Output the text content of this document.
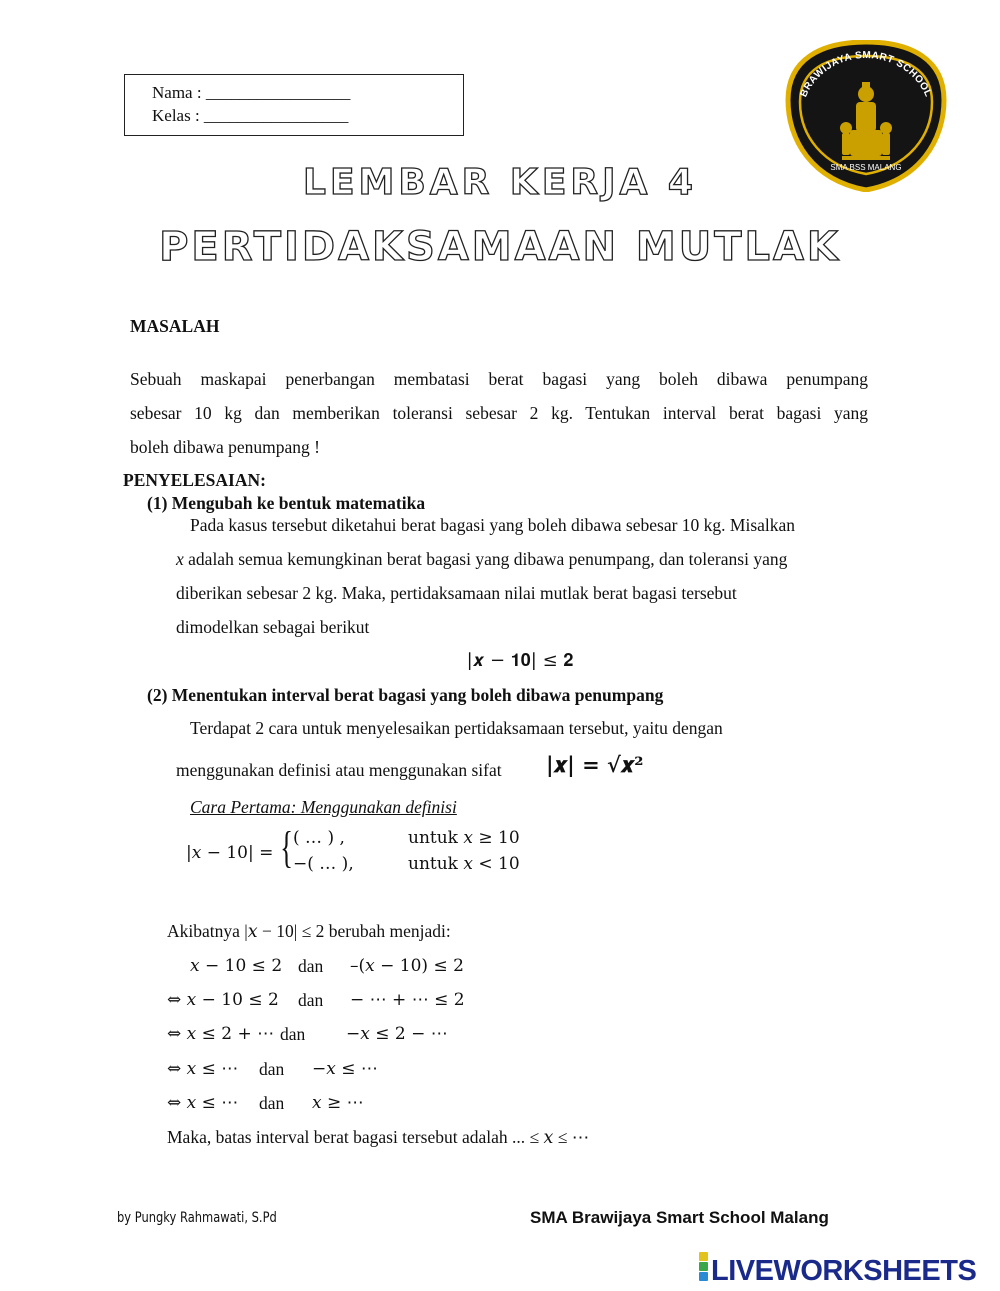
Nama : _________________
Kelas : _________________
BRAWIJAYA SMART SCHOOL
SMA BSS MALANG
LEMBAR KERJA 4
PERTIDAKSAMAAN MUTLAK
MASALAH
Sebuah maskapai penerbangan membatasi berat bagasi yang boleh dibawa penumpang
sebesar 10 kg dan memberikan toleransi sebesar 2 kg. Tentukan interval berat bagasi yang
boleh dibawa penumpang !
PENYELESAIAN:
(1) Mengubah ke bentuk matematika
Pada kasus tersebut diketahui berat bagasi yang boleh dibawa sebesar 10 kg. Misalkan
x adalah semua kemungkinan berat bagasi yang dibawa penumpang, dan toleransi yang
diberikan sebesar 2 kg. Maka, pertidaksamaan nilai mutlak berat bagasi tersebut
dimodelkan sebagai berikut
|𝒙 − 𝟏𝟎| ≤ 𝟐
(2) Menentukan interval berat bagasi yang boleh dibawa penumpang
Terdapat 2 cara untuk menyelesaikan pertidaksamaan tersebut, yaitu dengan
menggunakan definisi atau menggunakan sifat |𝒙| = √𝒙²
Cara Pertama: Menggunakan definisi
|𝑥 − 10| = { ( … ) ,	untuk 𝑥 ≥ 10
−( … ),	untuk 𝑥 < 10
Akibatnya |𝑥 − 10| ≤ 2 berubah menjadi:
𝑥 − 10 ≤ 2 dan –(𝑥 − 10) ≤ 2
⇔ 𝑥 − 10 ≤ 2 dan − ⋯ + ⋯ ≤ 2
⇔ 𝑥 ≤ 2 + ⋯ dan −𝑥 ≤ 2 − ⋯
⇔ 𝑥 ≤ ⋯ dan −𝑥 ≤ ⋯
⇔ 𝑥 ≤ ⋯ dan 𝑥 ≥ ⋯
Maka, batas interval berat bagasi tersebut adalah ... ≤ 𝑥 ≤ ⋯
by Pungky Rahmawati, S.Pd	SMA Brawijaya Smart School Malang
LIVEWORKSHEETS
